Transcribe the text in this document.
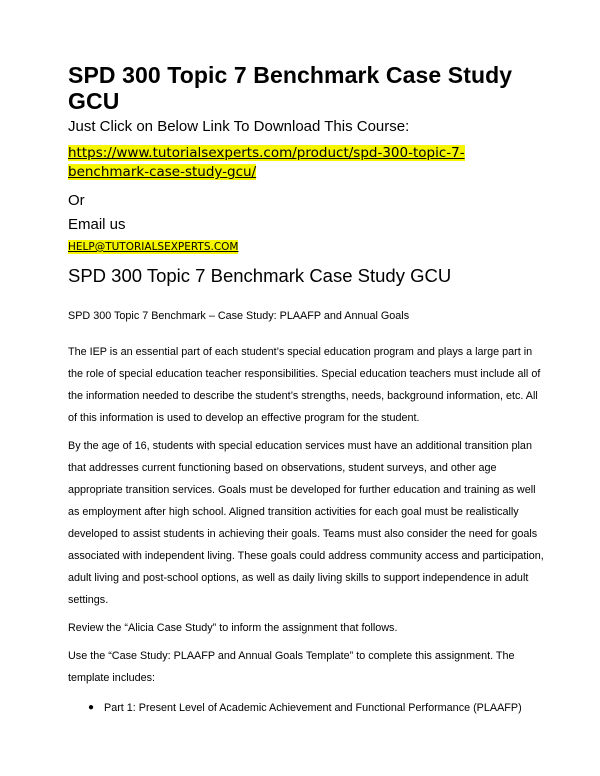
SPD 300 Topic 7 Benchmark Case Study GCU
Just Click on Below Link To Download This Course:
https://www.tutorialsexperts.com/product/spd-300-topic-7-benchmark-case-study-gcu/
Or
Email us
HELP@TUTORIALSEXPERTS.COM
SPD 300 Topic 7 Benchmark Case Study GCU

SPD 300 Topic 7 Benchmark – Case Study: PLAAFP and Annual Goals

The IEP is an essential part of each student’s special education program and plays a large part in the role of special education teacher responsibilities. Special education teachers must include all of the information needed to describe the student’s strengths, needs, background information, etc. All of this information is used to develop an effective program for the student.

By the age of 16, students with special education services must have an additional transition plan that addresses current functioning based on observations, student surveys, and other age appropriate transition services. Goals must be developed for further education and training as well as employment after high school. Aligned transition activities for each goal must be realistically developed to assist students in achieving their goals. Teams must also consider the need for goals associated with independent living. These goals could address community access and participation, adult living and post-school options, as well as daily living skills to support independence in adult settings.

Review the “Alicia Case Study” to inform the assignment that follows.

Use the “Case Study: PLAAFP and Annual Goals Template” to complete this assignment. The template includes:

● Part 1: Present Level of Academic Achievement and Functional Performance (PLAAFP)
